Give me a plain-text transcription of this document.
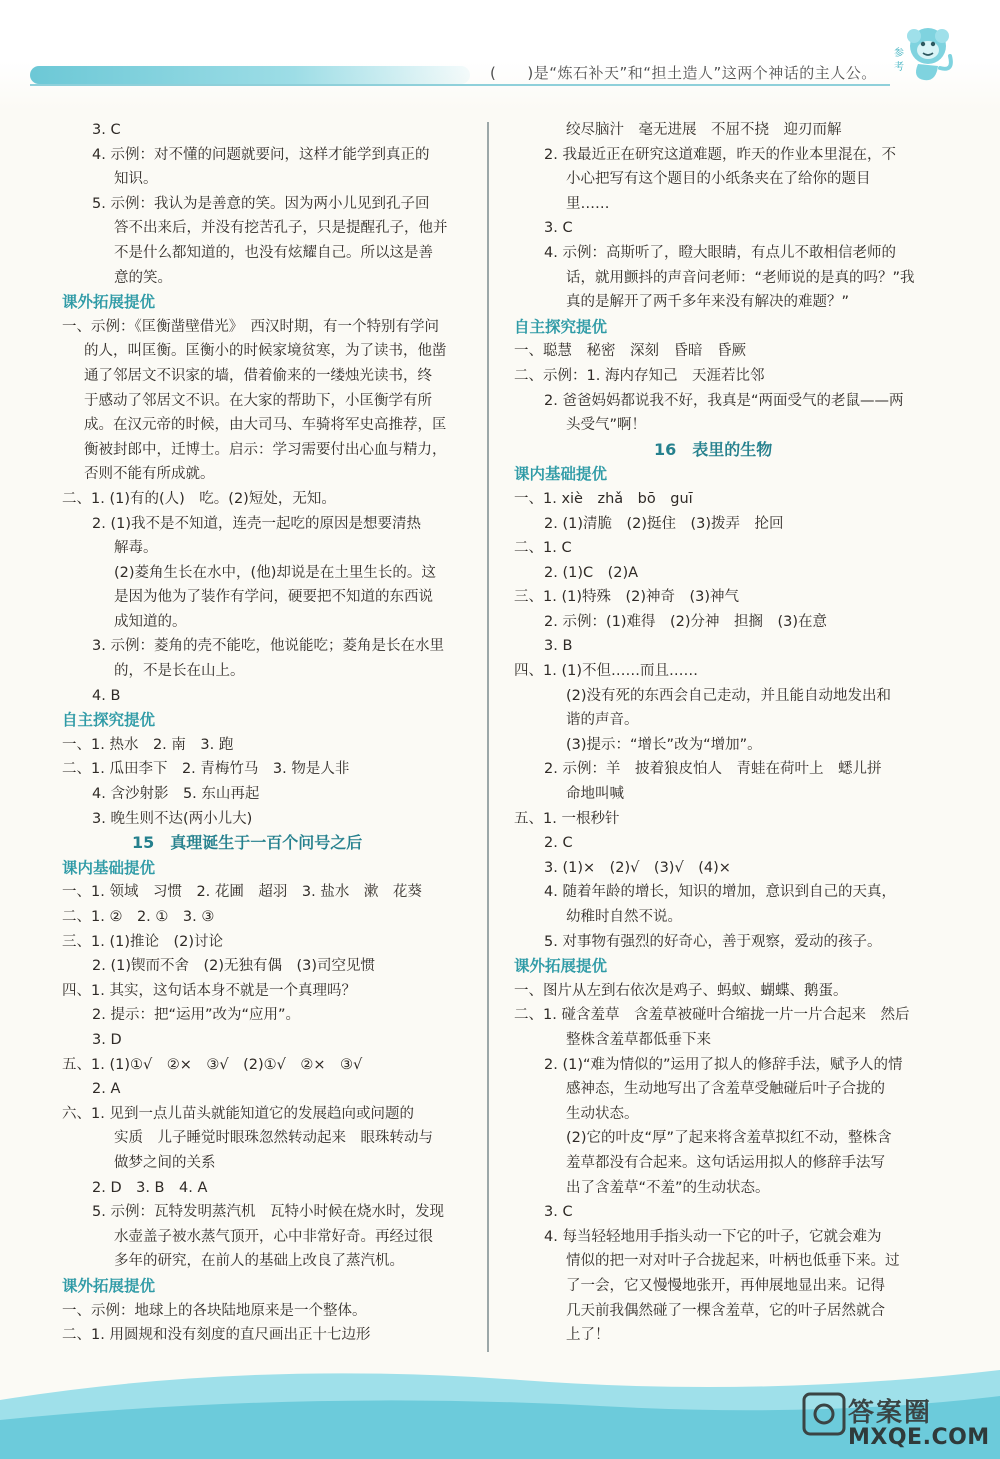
(　　)是“炼石补天”和“担土造人”这两个神话的主人公。
参
考
3. C
4. 示例：对不懂的问题就要问，这样才能学到真正的
知识。
5. 示例：我认为是善意的笑。因为两小儿见到孔子回
答不出来后，并没有挖苦孔子，只是提醒孔子，他并
不是什么都知道的，也没有炫耀自己。所以这是善
意的笑。
课外拓展提优
一、示例：《匡衡凿壁借光》　西汉时期，有一个特别有学问
的人，叫匡衡。匡衡小的时候家境贫寒，为了读书，他凿
通了邻居文不识家的墙，借着偷来的一缕烛光读书，终
于感动了邻居文不识。在大家的帮助下，小匡衡学有所
成。在汉元帝的时候，由大司马、车骑将军史高推荐，匡
衡被封郎中，迁博士。启示：学习需要付出心血与精力，
否则不能有所成就。
二、1. (1)有的(人)　吃。(2)短处，无知。
2. (1)我不是不知道，连壳一起吃的原因是想要清热
解毒。
(2)菱角生长在水中，(他)却说是在土里生长的。这
是因为他为了装作有学问，硬要把不知道的东西说
成知道的。
3. 示例：菱角的壳不能吃，他说能吃；菱角是长在水里
的，不是长在山上。
4. B
自主探究提优
一、1. 热水　2. 南　3. 跑
二、1. 瓜田李下　2. 青梅竹马　3. 物是人非
4. 含沙射影　5. 东山再起
3. 晚生则不达(两小儿大)
15　真理诞生于一百个问号之后
课内基础提优
一、1. 领域　习惯　2. 花圃　超羽　3. 盐水　漱　花葵
二、1. ②　2. ①　3. ③
三、1. (1)推论　(2)讨论
2. (1)锲而不舍　(2)无独有偶　(3)司空见惯
四、1. 其实，这句话本身不就是一个真理吗？
2. 提示：把“运用”改为“应用”。
3. D
五、1. (1)①√　②×　③√　(2)①√　②×　③√
2. A
六、1. 见到一点儿苗头就能知道它的发展趋向或问题的
实质　儿子睡觉时眼珠忽然转动起来　眼珠转动与
做梦之间的关系
2. D　3. B　4. A
5. 示例：瓦特发明蒸汽机　瓦特小时候在烧水时，发现
水壶盖子被水蒸气顶开，心中非常好奇。再经过很
多年的研究，在前人的基础上改良了蒸汽机。
课外拓展提优
一、示例：地球上的各块陆地原来是一个整体。
二、1. 用圆规和没有刻度的直尺画出正十七边形
绞尽脑汁　毫无进展　不屈不挠　迎刃而解
2. 我最近正在研究这道难题，昨天的作业本里混在，不
小心把写有这个题目的小纸条夹在了给你的题目
里……
3. C
4. 示例：高斯听了，瞪大眼睛，有点儿不敢相信老师的
话，就用颤抖的声音问老师：“老师说的是真的吗？”我
真的是解开了两千多年来没有解决的难题？”
自主探究提优
一、聪慧　秘密　深刻　昏暗　昏厥
二、示例：1. 海内存知己　天涯若比邻
2. 爸爸妈妈都说我不好，我真是“两面受气的老鼠——两
头受气”啊！
16　表里的生物
课内基础提优
一、1. xiè　zhǎ　bō　guī
2. (1)清脆　(2)挺住　(3)拨弄　抡回
二、1. C
2. (1)C　(2)A
三、1. (1)特殊　(2)神奇　(3)神气
2. 示例：(1)难得　(2)分神　担搁　(3)在意
3. B
四、1. (1)不但……而且……
(2)没有死的东西会自己走动，并且能自动地发出和
谐的声音。
(3)提示：“增长”改为“增加”。
2. 示例：羊　披着狼皮怕人　青蛙在荷叶上　蟋儿拼
命地叫喊
五、1. 一根秒针
2. C
3. (1)×　(2)√　(3)√　(4)×
4. 随着年龄的增长，知识的增加，意识到自己的天真，
幼稚时自然不说。
5. 对事物有强烈的好奇心，善于观察，爱动的孩子。
课外拓展提优
一、图片从左到右依次是鸡子、蚂蚁、蝴蝶、鹅蛋。
二、1. 碰含羞草　含羞草被碰叶合缩拢一片一片合起来　然后
整株含羞草都低垂下来
2. (1)“难为情似的”运用了拟人的修辞手法，赋予人的情
感神态，生动地写出了含羞草受触碰后叶子合拢的
生动状态。
(2)它的叶皮“厚”了起来将含羞草拟红不动，整株含
羞草都没有合起来。这句话运用拟人的修辞手法写
出了含羞草“不羞”的生动状态。
3. C
4. 每当轻轻地用手指头动一下它的叶子，它就会难为
情似的把一对对叶子合拢起来，叶柄也低垂下来。过
了一会，它又慢慢地张开，再伸展地显出来。记得
几天前我偶然碰了一棵含羞草，它的叶子居然就合
上了！
答案圈
MXQE.COM
